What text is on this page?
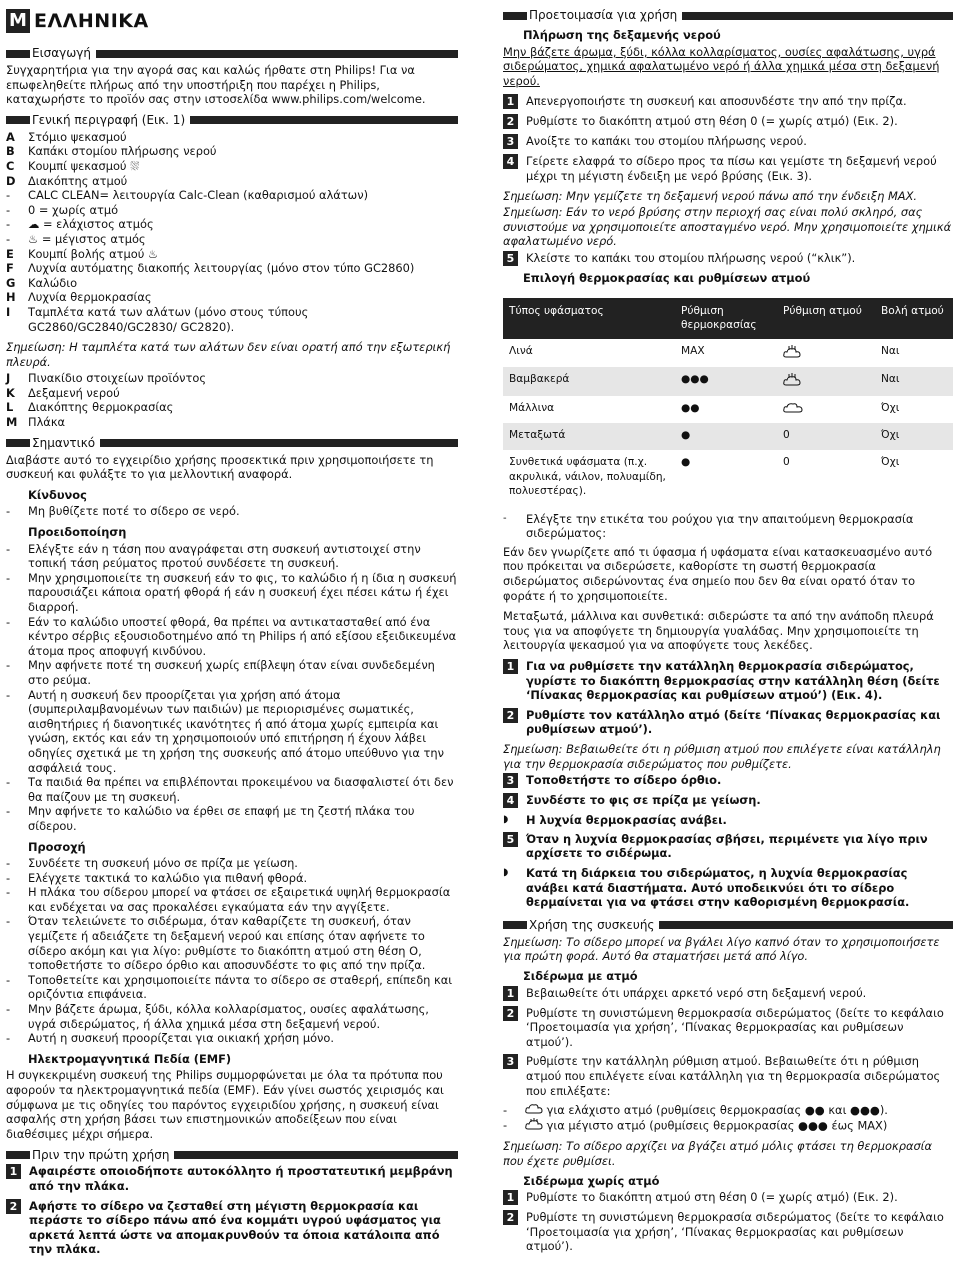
M ΕΛΛΗΝΙΚΑ
Εισαγωγή

Συγχαρητήρια για την αγορά σας και καλώς ήρθατε στη Philips! Για να επωφεληθείτε πλήρως από την υποστήριξη που παρέχει η Philips, καταχωρήστε το προϊόν σας στην ιστοσελίδα www.philips.com/welcome.

Γενική περιγραφή (Εικ. 1)
A	Στόμιο ψεκασμού
B	Καπάκι στομίου πλήρωσης νερού
C	Κουμπί ψεκασμού ⛆
D	Διακόπτης ατμού
-	CALC CLEAN= λειτουργία Calc-Clean (καθαρισμού αλάτων)
-	0 = χωρίς ατμό
-	☁ = ελάχιστος ατμός
-	♨ = μέγιστος ατμός
E	Κουμπί βολής ατμού ♨
F	Λυχνία αυτόματης διακοπής λειτουργίας (μόνο στον τύπο GC2860)
G	Καλώδιο
H	Λυχνία θερμοκρασίας
I	Ταμπλέτα κατά των αλάτων (μόνο στους τύπους GC2860/GC2840/GC2830/ GC2820).

Σημείωση: Η ταμπλέτα κατά των αλάτων δεν είναι ορατή από την εξωτερική πλευρά.

J	Πινακίδιο στοιχείων προϊόντος
K	Δεξαμενή νερού
L	Διακόπτης θερμοκρασίας
M Πλάκα
Σημαντικό

Διαβάστε αυτό το εγχειρίδιο χρήσης προσεκτικά πριν χρησιμοποιήσετε τη συσκευή και φυλάξτε το για μελλοντική αναφορά.

Κίνδυνος
-	Μη βυθίζετε ποτέ το σίδερο σε νερό.
Προειδοποίηση
-	Ελέγξτε εάν η τάση που αναγράφεται στη συσκευή αντιστοιχεί στην τοπική τάση ρεύματος προτού συνδέσετε τη συσκευή.
-	Μην χρησιμοποιείτε τη συσκευή εάν το φις, το καλώδιο ή η ίδια η συσκευή παρουσιάζει κάποια ορατή φθορά ή εάν η συσκευή έχει πέσει κάτω ή έχει διαρροή.
-	Εάν το καλώδιο υποστεί φθορά, θα πρέπει να αντικατασταθεί από ένα κέντρο σέρβις εξουσιοδοτημένο από τη Philips ή από εξίσου εξειδικευμένα άτομα προς αποφυγή κινδύνου.
-	Μην αφήνετε ποτέ τη συσκευή χωρίς επίβλεψη όταν είναι συνδεδεμένη στο ρεύμα.
-	Αυτή η συσκευή δεν προορίζεται για χρήση από άτομα (συμπεριλαμβανομένων των παιδιών) με περιορισμένες σωματικές, αισθητήριες ή διανοητικές ικανότητες ή από άτομα χωρίς εμπειρία και γνώση, εκτός και εάν τη χρησιμοποιούν υπό επιτήρηση ή έχουν λάβει οδηγίες σχετικά με τη χρήση της συσκευής από άτομο υπεύθυνο για την ασφάλειά τους.
-	Τα παιδιά θα πρέπει να επιβλέπονται προκειμένου να διασφαλιστεί ότι δεν θα παίζουν με τη συσκευή.
-	Μην αφήνετε το καλώδιο να έρθει σε επαφή με τη ζεστή πλάκα του σίδερου.
Προσοχή
-	Συνδέετε τη συσκευή μόνο σε πρίζα με γείωση.
-	Ελέγχετε τακτικά το καλώδιο για πιθανή φθορά.
-	Η πλάκα του σίδερου μπορεί να φτάσει σε εξαιρετικά υψηλή θερμοκρασία και ενδέχεται να σας προκαλέσει εγκαύματα εάν την αγγίξετε.
-	Όταν τελειώνετε το σιδέρωμα, όταν καθαρίζετε τη συσκευή, όταν γεμίζετε ή αδειάζετε τη δεξαμενή νερού και επίσης όταν αφήνετε το σίδερο ακόμη και για λίγο: ρυθμίστε το διακόπτη ατμού στη θέση O, τοποθετήστε το σίδερο όρθιο και αποσυνδέστε το φις από την πρίζα.
-	Τοποθετείτε και χρησιμοποιείτε πάντα το σίδερο σε σταθερή, επίπεδη και οριζόντια επιφάνεια.
-	Μην βάζετε άρωμα, ξύδι, κόλλα κολλαρίσματος, ουσίες αφαλάτωσης, υγρά σιδερώματος, ή άλλα χημικά μέσα στη δεξαμενή νερού.
-	Αυτή η συσκευή προορίζεται για οικιακή χρήση μόνο.
Ηλεκτρομαγνητικά Πεδία (EMF)

Η συγκεκριμένη συσκευή της Philips συμμορφώνεται με όλα τα πρότυπα που αφορούν τα ηλεκτρομαγνητικά πεδία (EMF). Εάν γίνει σωστός χειρισμός και σύμφωνα με τις οδηγίες του παρόντος εγχειριδίου χρήσης, η συσκευή είναι ασφαλής στη χρήση βάσει των επιστημονικών αποδείξεων που είναι διαθέσιμες μέχρι σήμερα.

Πριν την πρώτη χρήση
1	Αφαιρέστε οποιοδήποτε αυτοκόλλητο ή προστατευτική μεμβράνη από την πλάκα.
2	Αφήστε το σίδερο να ζεσταθεί στη μέγιστη θερμοκρασία και περάστε το σίδερο πάνω από ένα κομμάτι υγρού υφάσματος για αρκετά λεπτά ώστε να απομακρυνθούν τα όποια κατάλοιπα από την πλάκα.
Προετοιμασία για χρήση
Πλήρωση της δεξαμενής νερού

Μην βάζετε άρωμα, ξύδι, κόλλα κολλαρίσματος, ουσίες αφαλάτωσης, υγρά σιδερώματος, χημικά αφαλατωμένο νερό ή άλλα χημικά μέσα στη δεξαμενή νερού.

1	Απενεργοποιήστε τη συσκευή και αποσυνδέστε την από την πρίζα.
2	Ρυθμίστε το διακόπτη ατμού στη θέση 0 (= χωρίς ατμό) (Εικ. 2).
3	Ανοίξτε το καπάκι του στομίου πλήρωσης νερού.
4	Γείρετε ελαφρά το σίδερο προς τα πίσω και γεμίστε τη δεξαμενή νερού μέχρι τη μέγιστη ένδειξη με νερό βρύσης (Εικ. 3).

Σημείωση: Μην γεμίζετε τη δεξαμενή νερού πάνω από την ένδειξη MAX.

Σημείωση: Εάν το νερό βρύσης στην περιοχή σας είναι πολύ σκληρό, σας συνιστούμε να χρησιμοποιείτε αποσταγμένο νερό. Μην χρησιμοποιείτε χημικά αφαλατωμένο νερό.

5	Κλείστε το καπάκι του στομίου πλήρωσης νερού (“κλικ”).
Επιλογή θερμοκρασίας και ρυθμίσεων ατμού
Τύπος υφάσματος	Ρύθμιση θερμοκρασίας	Ρύθμιση ατμού	Βολή ατμού
Λινά	MAX		Ναι
Βαμβακερά	●●●		Ναι
Μάλλινα	●●		Όχι
Μεταξωτά	●	0	Όχι
Συνθετικά υφάσματα (π.χ. ακρυλικά, νάιλον, πολυαμίδη, πολυεστέρας).	●	0	Όχι
-	Ελέγξτε την ετικέτα του ρούχου για την απαιτούμενη θερμοκρασία σιδερώματος:

Εάν δεν γνωρίζετε από τι ύφασμα ή υφάσματα είναι κατασκευασμένο αυτό που πρόκειται να σιδερώσετε, καθορίστε τη σωστή θερμοκρασία σιδερώματος σιδερώνοντας ένα σημείο που δεν θα είναι ορατό όταν το φοράτε ή το χρησιμοποιείτε.

Μεταξωτά, μάλλινα και συνθετικά: σιδερώστε τα από την ανάποδη πλευρά τους για να αποφύγετε τη δημιουργία γυαλάδας. Μην χρησιμοποιείτε τη λειτουργία ψεκασμού για να αποφύγετε τους λεκέδες.

1	Για να ρυθμίσετε την κατάλληλη θερμοκρασία σιδερώματος, γυρίστε το διακόπτη θερμοκρασίας στην κατάλληλη θέση (δείτε ‘Πίνακας θερμοκρασίας και ρυθμίσεων ατμού’) (Εικ. 4).
2	Ρυθμίστε τον κατάλληλο ατμό (δείτε ‘Πίνακας θερμοκρασίας και ρυθμίσεων ατμού’).

Σημείωση: Βεβαιωθείτε ότι η ρύθμιση ατμού που επιλέγετε είναι κατάλληλη για την θερμοκρασία σιδερώματος που ρυθμίζετε.

3	Τοποθετήστε το σίδερο όρθιο.
4	Συνδέστε το φις σε πρίζα με γείωση.
◗	Η λυχνία θερμοκρασίας ανάβει.
5	Όταν η λυχνία θερμοκρασίας σβήσει, περιμένετε για λίγο πριν αρχίσετε το σιδέρωμα.
◗	Κατά τη διάρκεια του σιδερώματος, η λυχνία θερμοκρασίας ανάβει κατά διαστήματα. Αυτό υποδεικνύει ότι το σίδερο θερμαίνεται για να φτάσει στην καθορισμένη θερμοκρασία.
Χρήση της συσκευής

Σημείωση: Το σίδερο μπορεί να βγάλει λίγο καπνό όταν το χρησιμοποιήσετε για πρώτη φορά. Αυτό θα σταματήσει μετά από λίγο.

Σιδέρωμα με ατμό
1	Βεβαιωθείτε ότι υπάρχει αρκετό νερό στη δεξαμενή νερού.
2	Ρυθμίστε τη συνιστώμενη θερμοκρασία σιδερώματος (δείτε το κεφάλαιο ‘Προετοιμασία για χρήση’, ‘Πίνακας θερμοκρασίας και ρυθμίσεων ατμού’).
3	Ρυθμίστε την κατάλληλη ρύθμιση ατμού. Βεβαιωθείτε ότι η ρύθμιση ατμού που επιλέγετε είναι κατάλληλη για τη θερμοκρασία σιδερώματος που επιλέξατε:
-	για ελάχιστο ατμό (ρυθμίσεις θερμοκρασίας ●● και ●●●).
-	για μέγιστο ατμό (ρυθμίσεις θερμοκρασίας ●●● έως MAX)

Σημείωση: Το σίδερο αρχίζει να βγάζει ατμό μόλις φτάσει τη θερμοκρασία που έχετε ρυθμίσει.

Σιδέρωμα χωρίς ατμό
1	Ρυθμίστε το διακόπτη ατμού στη θέση 0 (= χωρίς ατμό) (Εικ. 2).
2	Ρυθμίστε τη συνιστώμενη θερμοκρασία σιδερώματος (δείτε το κεφάλαιο ‘Προετοιμασία για χρήση’, ‘Πίνακας θερμοκρασίας και ρυθμίσεων ατμού’).
